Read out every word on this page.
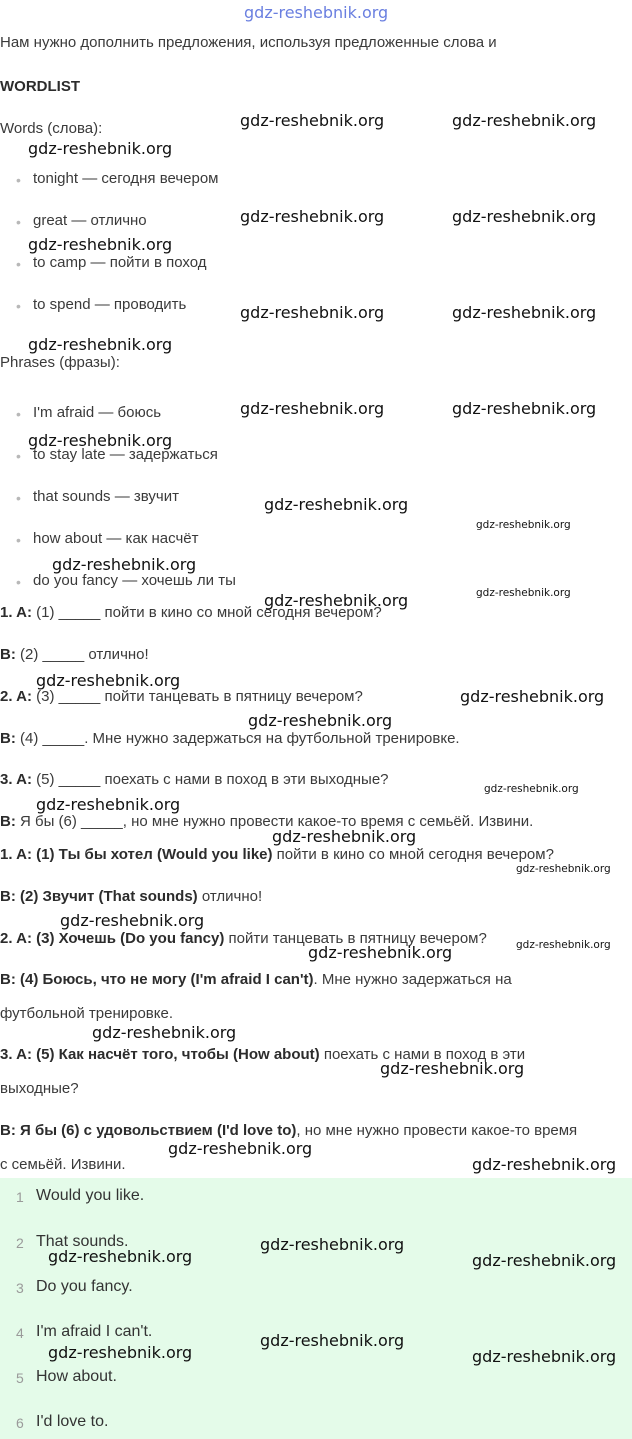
Нам нужно дополнить предложения, используя предложенные слова и
WORDLIST
Words (слова):
• tonight — сегодня вечером
• great — отлично
• to camp — пойти в поход
• to spend — проводить
Phrases (фразы):
• I'm afraid — боюсь
• to stay late — задержаться
• that sounds — звучит
• how about — как насчёт
• do you fancy — хочешь ли ты
1. A: (1) _____ пойти в кино со мной сегодня вечером?
B: (2) _____ отлично!
2. A: (3) _____ пойти танцевать в пятницу вечером?
B: (4) _____. Мне нужно задержаться на футбольной тренировке.
3. A: (5) _____ поехать с нами в поход в эти выходные?
B: Я бы (6) _____, но мне нужно провести какое-то время с семьёй. Извини.
1. A: (1) Ты бы хотел (Would you like) пойти в кино со мной сегодня вечером?
B: (2) Звучит (That sounds) отлично!
2. A: (3) Хочешь (Do you fancy) пойти танцевать в пятницу вечером?
B: (4) Боюсь, что не могу (I'm afraid I can't). Мне нужно задержаться на
футбольной тренировке.
3. A: (5) Как насчёт того, чтобы (How about) поехать с нами в поход в эти
выходные?
B: Я бы (6) с удовольствием (I'd love to), но мне нужно провести какое-то время
с семьёй. Извини.
1 Would you like.
2 That sounds.
3 Do you fancy.
4 I'm afraid I can't.
5 How about.
6 I'd love to.
gdz-reshebnik.org
gdz-reshebnik.org	gdz-reshebnik.org
gdz-reshebnik.org
gdz-reshebnik.org	gdz-reshebnik.org
gdz-reshebnik.org
gdz-reshebnik.org	gdz-reshebnik.org
gdz-reshebnik.org
gdz-reshebnik.org	gdz-reshebnik.org
gdz-reshebnik.org
gdz-reshebnik.org
gdz-reshebnik.org
gdz-reshebnik.org
gdz-reshebnik.org
gdz-reshebnik.org
gdz-reshebnik.org
gdz-reshebnik.org
gdz-reshebnik.org
gdz-reshebnik.org
gdz-reshebnik.org
gdz-reshebnik.org
gdz-reshebnik.org
gdz-reshebnik.org
gdz-reshebnik.org
gdz-reshebnik.org
gdz-reshebnik.org
gdz-reshebnik.org
gdz-reshebnik.org
gdz-reshebnik.org
gdz-reshebnik.org
gdz-reshebnik.org	gdz-reshebnik.org
gdz-reshebnik.org
gdz-reshebnik.org	gdz-reshebnik.org
